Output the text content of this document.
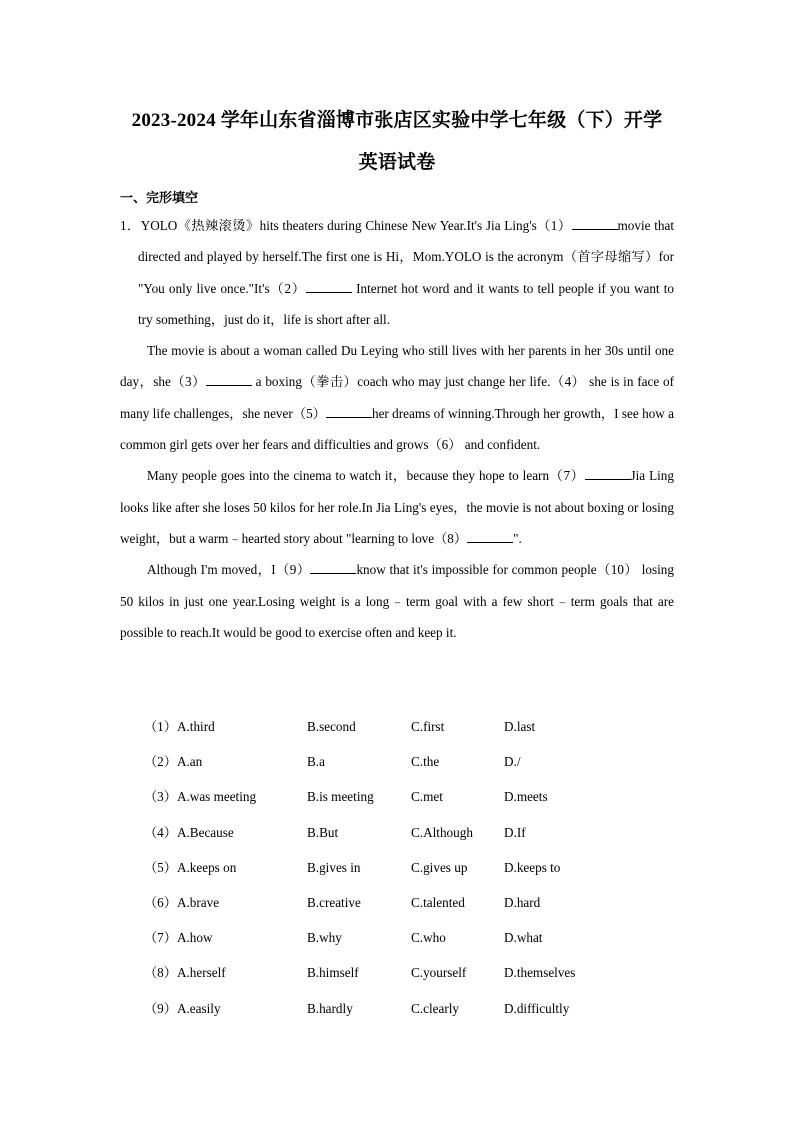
2023-2024 学年山东省淄博市张店区实验中学七年级（下）开学
英语试卷
一、完形填空
1．YOLO《热辣滚烫》hits theaters during Chinese New Year.It's Jia Ling's（1）	movie that directed and played by herself.The first one is Hi，Mom.YOLO is the acronym（首字母缩写）for "You only live once."It's（2）	Internet hot word and it wants to tell people if you want to try something，just do it，life is short after all.
The movie is about a woman called Du Leying who still lives with her parents in her 30s until one day，she（3）	a boxing（拳击）coach who may just change her life.（4） she is in face of many life challenges，she never（5）	her dreams of winning.Through her growth，I see how a common girl gets over her fears and difficulties and grows（6） and confident.
Many people goes into the cinema to watch it，because they hope to learn（7）	Jia Ling looks like after she loses 50 kilos for her role.In Jia Ling's eyes，the movie is not about boxing or losing weight，but a warm﹣hearted story about "learning to love（8）	".
Although I'm moved，I（9）	know that it's impossible for common people（10） losing 50 kilos in just one year.Losing weight is a long﹣term goal with a few short﹣term goals that are possible to reach.It would be good to exercise often and keep it.
（1）A.third	B.second	C.first	D.last
（2）A.an	B.a	C.the	D./
（3）A.was meeting	B.is meeting	C.met	D.meets
（4）A.Because	B.But	C.Although D.If
（5）A.keeps on	B.gives in	C.gives up	D.keeps to
（6）A.brave	B.creative	C.talented	D.hard
（7）A.how	B.why	C.who	D.what
（8）A.herself	B.himself	C.yourself	D.themselves
（9）A.easily	B.hardly	C.clearly	D.difficultly
